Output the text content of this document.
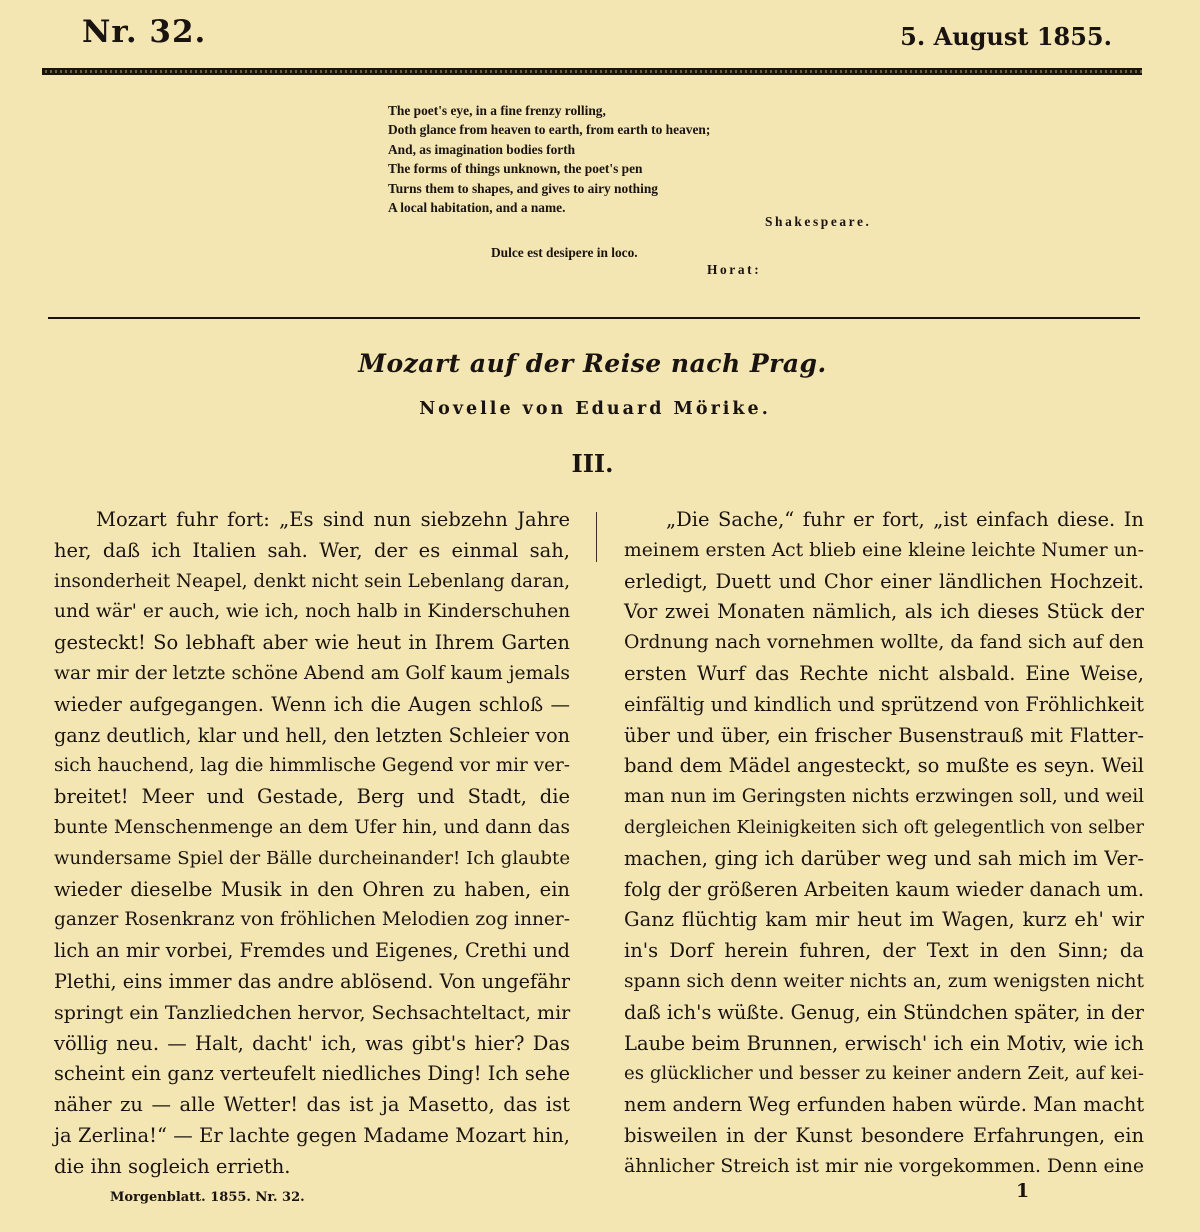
Nr. 32.	5. August 1855.
The poet's eye, in a fine frenzy rolling,
Doth glance from heaven to earth, from earth to heaven;
And, as imagination bodies forth
The forms of things unknown, the poet's pen
Turns them to shapes, and gives to airy nothing
A local habitation, and a name.
Shakespeare.
Dulce est desipere in loco.
Horat:
Mozart auf der Reise nach Prag.
Novelle von Eduard Mörike.
III.
Mozart fuhr fort: „Es sind nun siebzehn Jahre
her, daß ich Italien sah. Wer, der es einmal sah,
insonderheit Neapel, denkt nicht sein Lebenlang daran,
und wär' er auch, wie ich, noch halb in Kinderschuhen
gesteckt! So lebhaft aber wie heut in Ihrem Garten
war mir der letzte schöne Abend am Golf kaum jemals
wieder aufgegangen. Wenn ich die Augen schloß —
ganz deutlich, klar und hell, den letzten Schleier von
sich hauchend, lag die himmlische Gegend vor mir ver-
breitet! Meer und Gestade, Berg und Stadt, die
bunte Menschenmenge an dem Ufer hin, und dann das
wundersame Spiel der Bälle durcheinander! Ich glaubte
wieder dieselbe Musik in den Ohren zu haben, ein
ganzer Rosenkranz von fröhlichen Melodien zog inner-
lich an mir vorbei, Fremdes und Eigenes, Crethi und
Plethi, eins immer das andre ablösend. Von ungefähr
springt ein Tanzliedchen hervor, Sechsachteltact, mir
völlig neu. — Halt, dacht' ich, was gibt's hier? Das
scheint ein ganz verteufelt niedliches Ding! Ich sehe
näher zu — alle Wetter! das ist ja Masetto, das ist
ja Zerlina!“ — Er lachte gegen Madame Mozart hin,
die ihn sogleich errieth.
„Die Sache,“ fuhr er fort, „ist einfach diese. In
meinem ersten Act blieb eine kleine leichte Numer un-
erledigt, Duett und Chor einer ländlichen Hochzeit.
Vor zwei Monaten nämlich, als ich dieses Stück der
Ordnung nach vornehmen wollte, da fand sich auf den
ersten Wurf das Rechte nicht alsbald. Eine Weise,
einfältig und kindlich und sprützend von Fröhlichkeit
über und über, ein frischer Busenstrauß mit Flatter-
band dem Mädel angesteckt, so mußte es seyn. Weil
man nun im Geringsten nichts erzwingen soll, und weil
dergleichen Kleinigkeiten sich oft gelegentlich von selber
machen, ging ich darüber weg und sah mich im Ver-
folg der größeren Arbeiten kaum wieder danach um.
Ganz flüchtig kam mir heut im Wagen, kurz eh' wir
in's Dorf herein fuhren, der Text in den Sinn; da
spann sich denn weiter nichts an, zum wenigsten nicht
daß ich's wüßte. Genug, ein Stündchen später, in der
Laube beim Brunnen, erwisch' ich ein Motiv, wie ich
es glücklicher und besser zu keiner andern Zeit, auf kei-
nem andern Weg erfunden haben würde. Man macht
bisweilen in der Kunst besondere Erfahrungen, ein
ähnlicher Streich ist mir nie vorgekommen. Denn eine
Morgenblatt. 1855. Nr. 32.	1
